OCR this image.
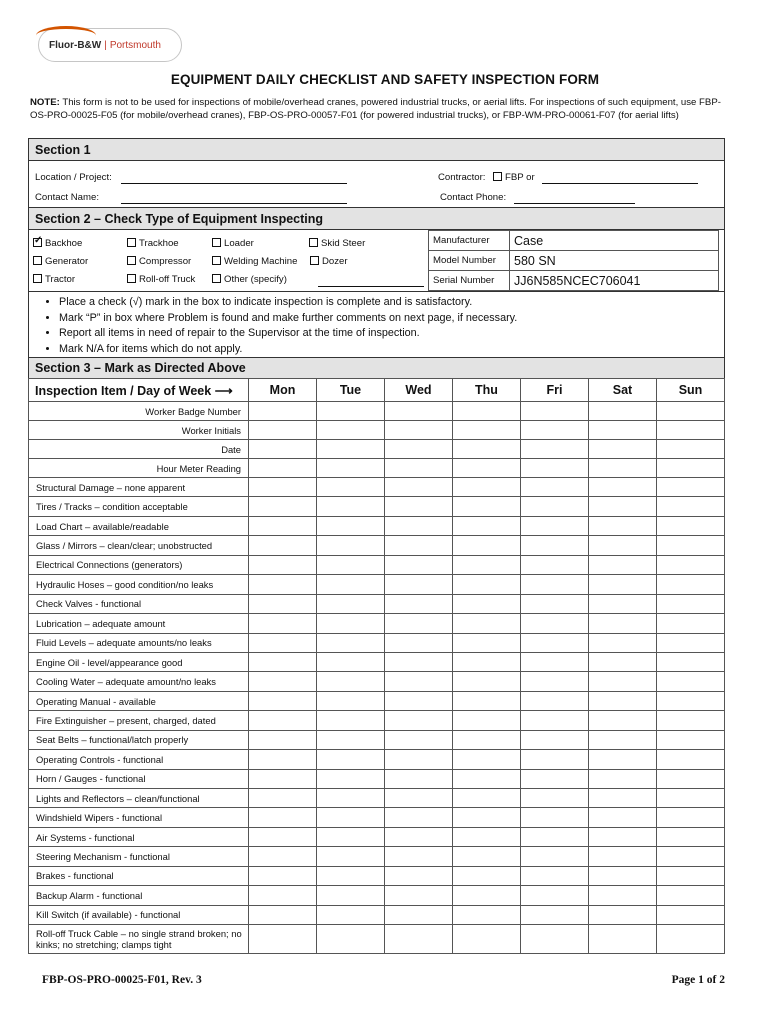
Fluor-B&W | Portsmouth
EQUIPMENT DAILY CHECKLIST AND SAFETY INSPECTION FORM
NOTE: This form is not to be used for inspections of mobile/overhead cranes, powered industrial trucks, or aerial lifts. For inspections of such equipment, use FBP-OS-PRO-00025-F05 (for mobile/overhead cranes), FBP-OS-PRO-00057-F01 (for powered industrial trucks), or FBP-WM-PRO-00061-F07 (for aerial lifts)
Section 1
Location / Project:	Contractor:	FBP or
Contact Name:	Contact Phone:
Section 2 – Check Type of Equipment Inspecting
✓Backhoe	Trackhoe	Loader	Skid Steer
Generator	Compressor	Welding Machine	Dozer
Tractor	Roll-off Truck	Other (specify)
Manufacturer	Case
Model Number	580 SN
Serial Number	JJ6N585NCEC706041
• Place a check (√) mark in the box to indicate inspection is complete and is satisfactory.
• Mark “P” in box where Problem is found and make further comments on next page, if necessary.
• Report all items in need of repair to the Supervisor at the time of inspection.
• Mark N/A for items which do not apply.
Section 3 – Mark as Directed Above
Inspection Item / Day of Week ⟶	Mon	Tue	Wed	Thu	Fri	Sat	Sun
Worker Badge Number							
Worker Initials							
Date							
Hour Meter Reading							
Structural Damage – none apparent							
Tires / Tracks – condition acceptable							
Load Chart – available/readable							
Glass / Mirrors – clean/clear; unobstructed							
Electrical Connections (generators)							
Hydraulic Hoses – good condition/no leaks							
Check Valves - functional							
Lubrication – adequate amount							
Fluid Levels – adequate amounts/no leaks							
Engine Oil - level/appearance good							
Cooling Water – adequate amount/no leaks							
Operating Manual - available							
Fire Extinguisher – present, charged, dated							
Seat Belts – functional/latch properly							
Operating Controls - functional							
Horn / Gauges - functional							
Lights and Reflectors – clean/functional							
Windshield Wipers - functional							
Air Systems - functional							
Steering Mechanism - functional							
Brakes - functional							
Backup Alarm - functional							
Kill Switch (if available) - functional							
Roll-off Truck Cable – no single strand broken; no kinks; no stretching; clamps tight							
FBP-OS-PRO-00025-F01, Rev. 3	Page 1 of 2
